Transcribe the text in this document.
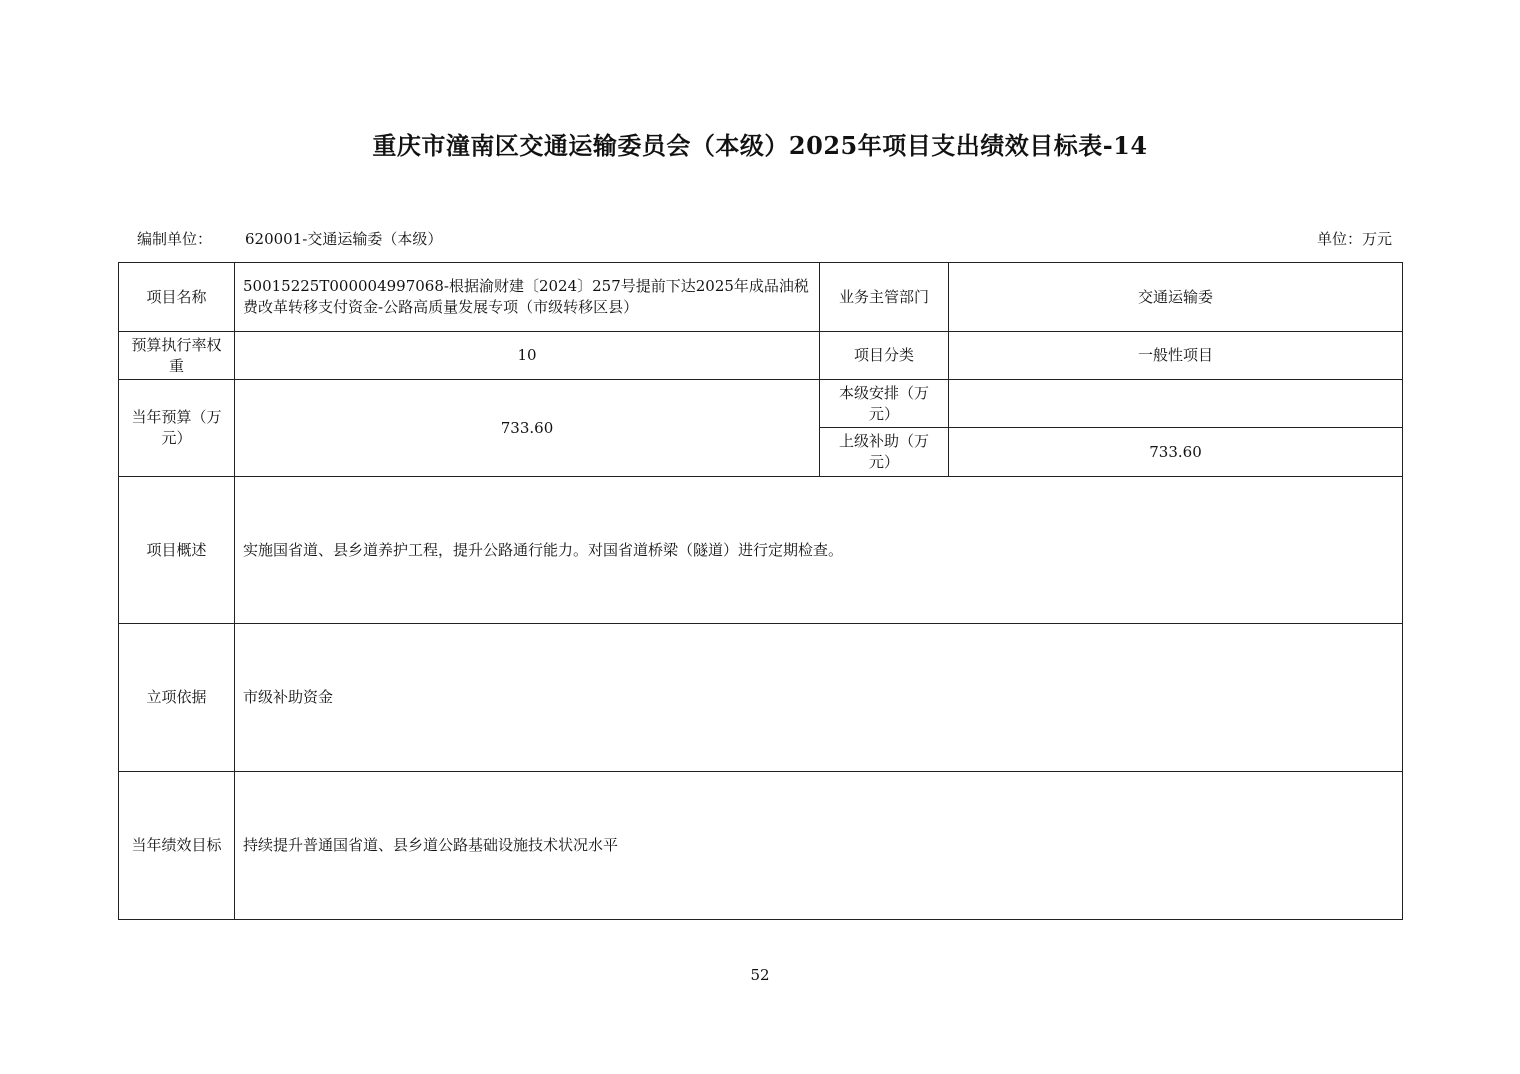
重庆市潼南区交通运输委员会（本级）2025年项目支出绩效目标表-14
编制单位： 620001-交通运输委（本级）	单位：万元
项目名称	50015225T000004997068-根据渝财建〔2024〕257号提前下达2025年成品油税费改革转移支付资金-公路高质量发展专项（市级转移区县）	业务主管部门	交通运输委
预算执行率权重	10	项目分类	一般性项目
当年预算（万元）	733.60	本级安排（万元）	
		上级补助（万元）	733.60
项目概述	实施国省道、县乡道养护工程，提升公路通行能力。对国省道桥梁（隧道）进行定期检查。		
立项依据	市级补助资金		
当年绩效目标	持续提升普通国省道、县乡道公路基础设施技术状况水平		
52
